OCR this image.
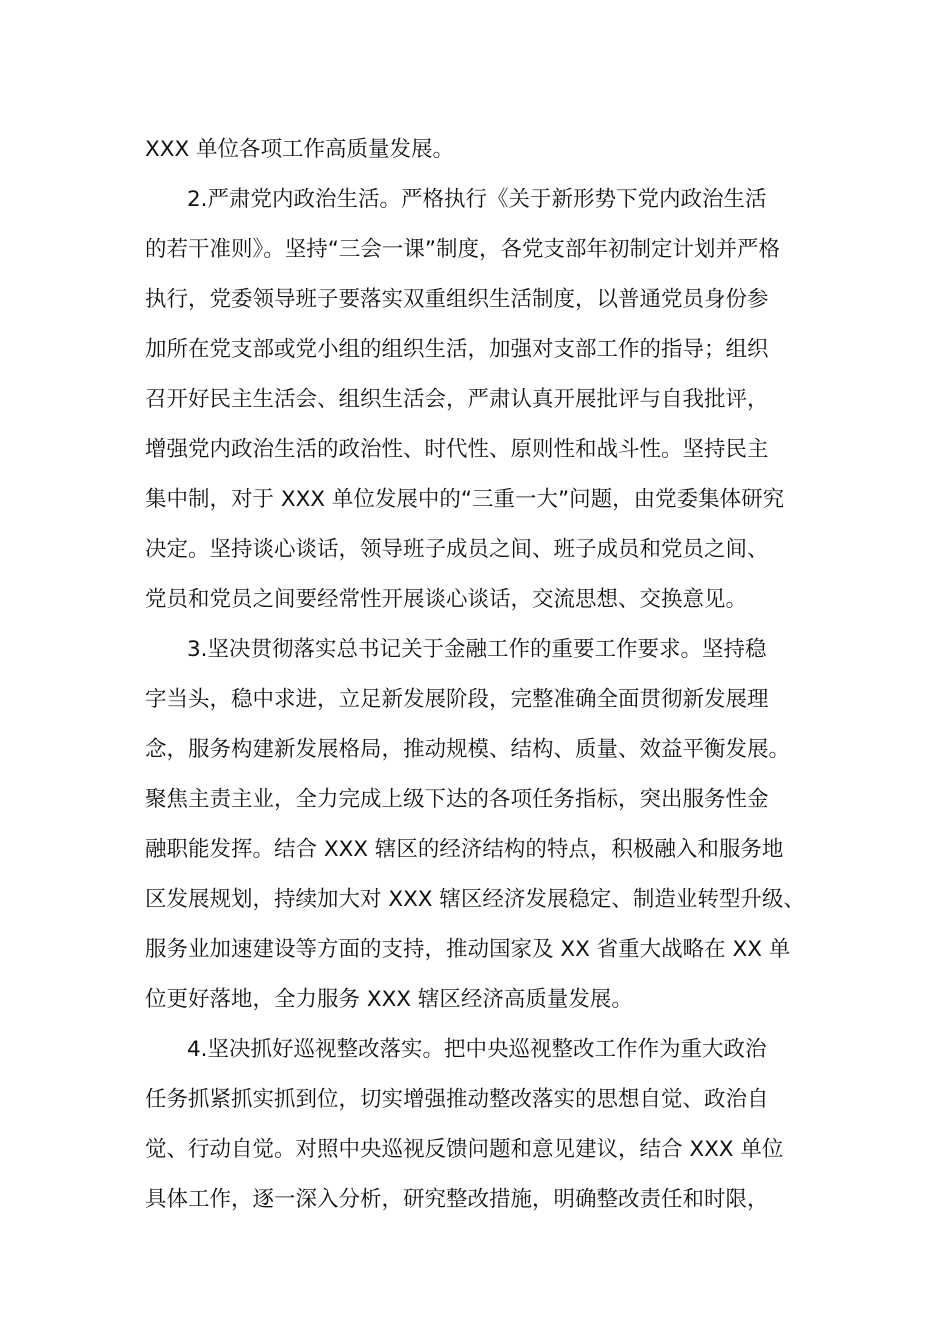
XXX 单位各项工作高质量发展。
2.严肃党内政治生活。严格执行《关于新形势下党内政治生活
的若干准则》。坚持“三会一课”制度，各党支部年初制定计划并严格
执行，党委领导班子要落实双重组织生活制度，以普通党员身份参
加所在党支部或党小组的组织生活，加强对支部工作的指导；组织
召开好民主生活会、组织生活会，严肃认真开展批评与自我批评，
增强党内政治生活的政治性、时代性、原则性和战斗性。坚持民主
集中制，对于 XXX 单位发展中的“三重一大”问题，由党委集体研究
决定。坚持谈心谈话，领导班子成员之间、班子成员和党员之间、
党员和党员之间要经常性开展谈心谈话，交流思想、交换意见。
3.坚决贯彻落实总书记关于金融工作的重要工作要求。坚持稳
字当头，稳中求进，立足新发展阶段，完整准确全面贯彻新发展理
念，服务构建新发展格局，推动规模、结构、质量、效益平衡发展。
聚焦主责主业，全力完成上级下达的各项任务指标，突出服务性金
融职能发挥。结合 XXX 辖区的经济结构的特点，积极融入和服务地
区发展规划，持续加大对 XXX 辖区经济发展稳定、制造业转型升级、
服务业加速建设等方面的支持，推动国家及 XX 省重大战略在 XX 单
位更好落地，全力服务 XXX 辖区经济高质量发展。
4.坚决抓好巡视整改落实。把中央巡视整改工作作为重大政治
任务抓紧抓实抓到位，切实增强推动整改落实的思想自觉、政治自
觉、行动自觉。对照中央巡视反馈问题和意见建议，结合 XXX 单位
具体工作，逐一深入分析，研究整改措施，明确整改责任和时限，
